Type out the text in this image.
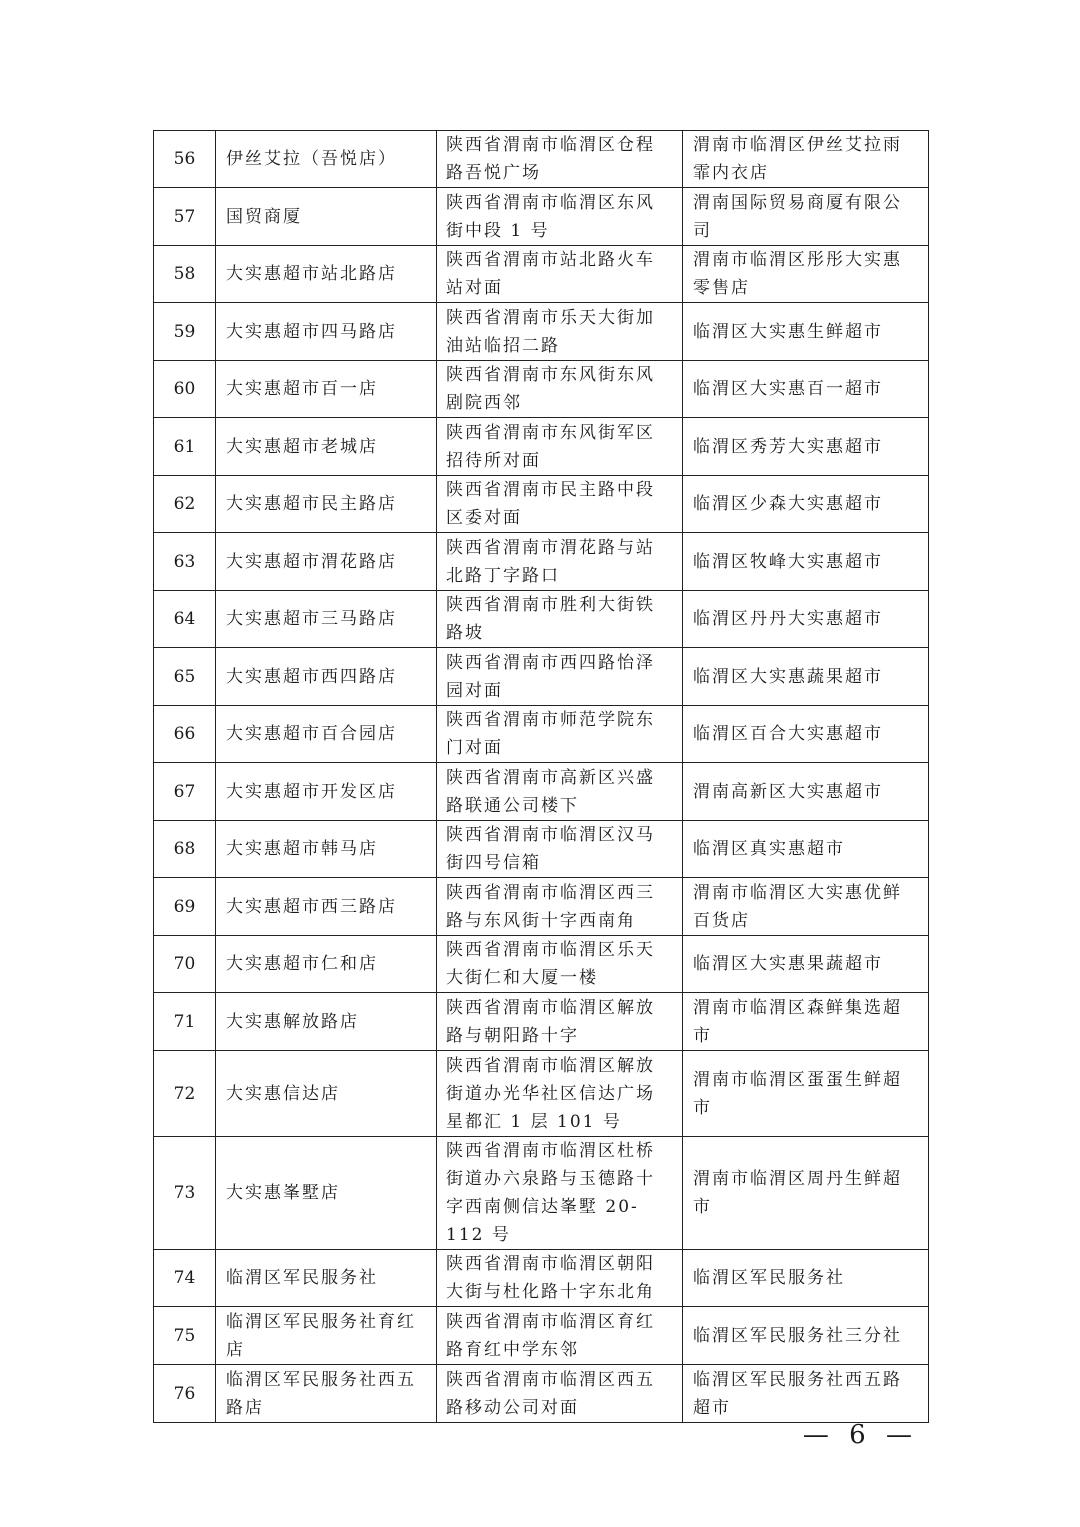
56	伊丝艾拉（吾悦店）	陕西省渭南市临渭区仓程路吾悦广场	渭南市临渭区伊丝艾拉雨霏内衣店
57	国贸商厦	陕西省渭南市临渭区东风街中段 1 号	渭南国际贸易商厦有限公司
58	大实惠超市站北路店	陕西省渭南市站北路火车站对面	渭南市临渭区彤彤大实惠零售店
59	大实惠超市四马路店	陕西省渭南市乐天大街加油站临招二路	临渭区大实惠生鲜超市
60	大实惠超市百一店	陕西省渭南市东风街东风剧院西邻	临渭区大实惠百一超市
61	大实惠超市老城店	陕西省渭南市东风街军区招待所对面	临渭区秀芳大实惠超市
62	大实惠超市民主路店	陕西省渭南市民主路中段区委对面	临渭区少森大实惠超市
63	大实惠超市渭花路店	陕西省渭南市渭花路与站北路丁字路口	临渭区牧峰大实惠超市
64	大实惠超市三马路店	陕西省渭南市胜利大街铁路坡	临渭区丹丹大实惠超市
65	大实惠超市西四路店	陕西省渭南市西四路怡泽园对面	临渭区大实惠蔬果超市
66	大实惠超市百合园店	陕西省渭南市师范学院东门对面	临渭区百合大实惠超市
67	大实惠超市开发区店	陕西省渭南市高新区兴盛路联通公司楼下	渭南高新区大实惠超市
68	大实惠超市韩马店	陕西省渭南市临渭区汉马街四号信箱	临渭区真实惠超市
69	大实惠超市西三路店	陕西省渭南市临渭区西三路与东风街十字西南角	渭南市临渭区大实惠优鲜百货店
70	大实惠超市仁和店	陕西省渭南市临渭区乐天大街仁和大厦一楼	临渭区大实惠果蔬超市
71	大实惠解放路店	陕西省渭南市临渭区解放路与朝阳路十字	渭南市临渭区森鲜集选超市
72	大实惠信达店	陕西省渭南市临渭区解放街道办光华社区信达广场星都汇 1 层 101 号	渭南市临渭区蛋蛋生鲜超市
73	大实惠峯墅店	陕西省渭南市临渭区杜桥街道办六泉路与玉德路十字西南侧信达峯墅 20-112 号	渭南市临渭区周丹生鲜超市
74	临渭区军民服务社	陕西省渭南市临渭区朝阳大街与杜化路十字东北角	临渭区军民服务社
75	临渭区军民服务社育红店	陕西省渭南市临渭区育红路育红中学东邻	临渭区军民服务社三分社
76	临渭区军民服务社西五路店	陕西省渭南市临渭区西五路移动公司对面	临渭区军民服务社西五路超市
— 6 —
